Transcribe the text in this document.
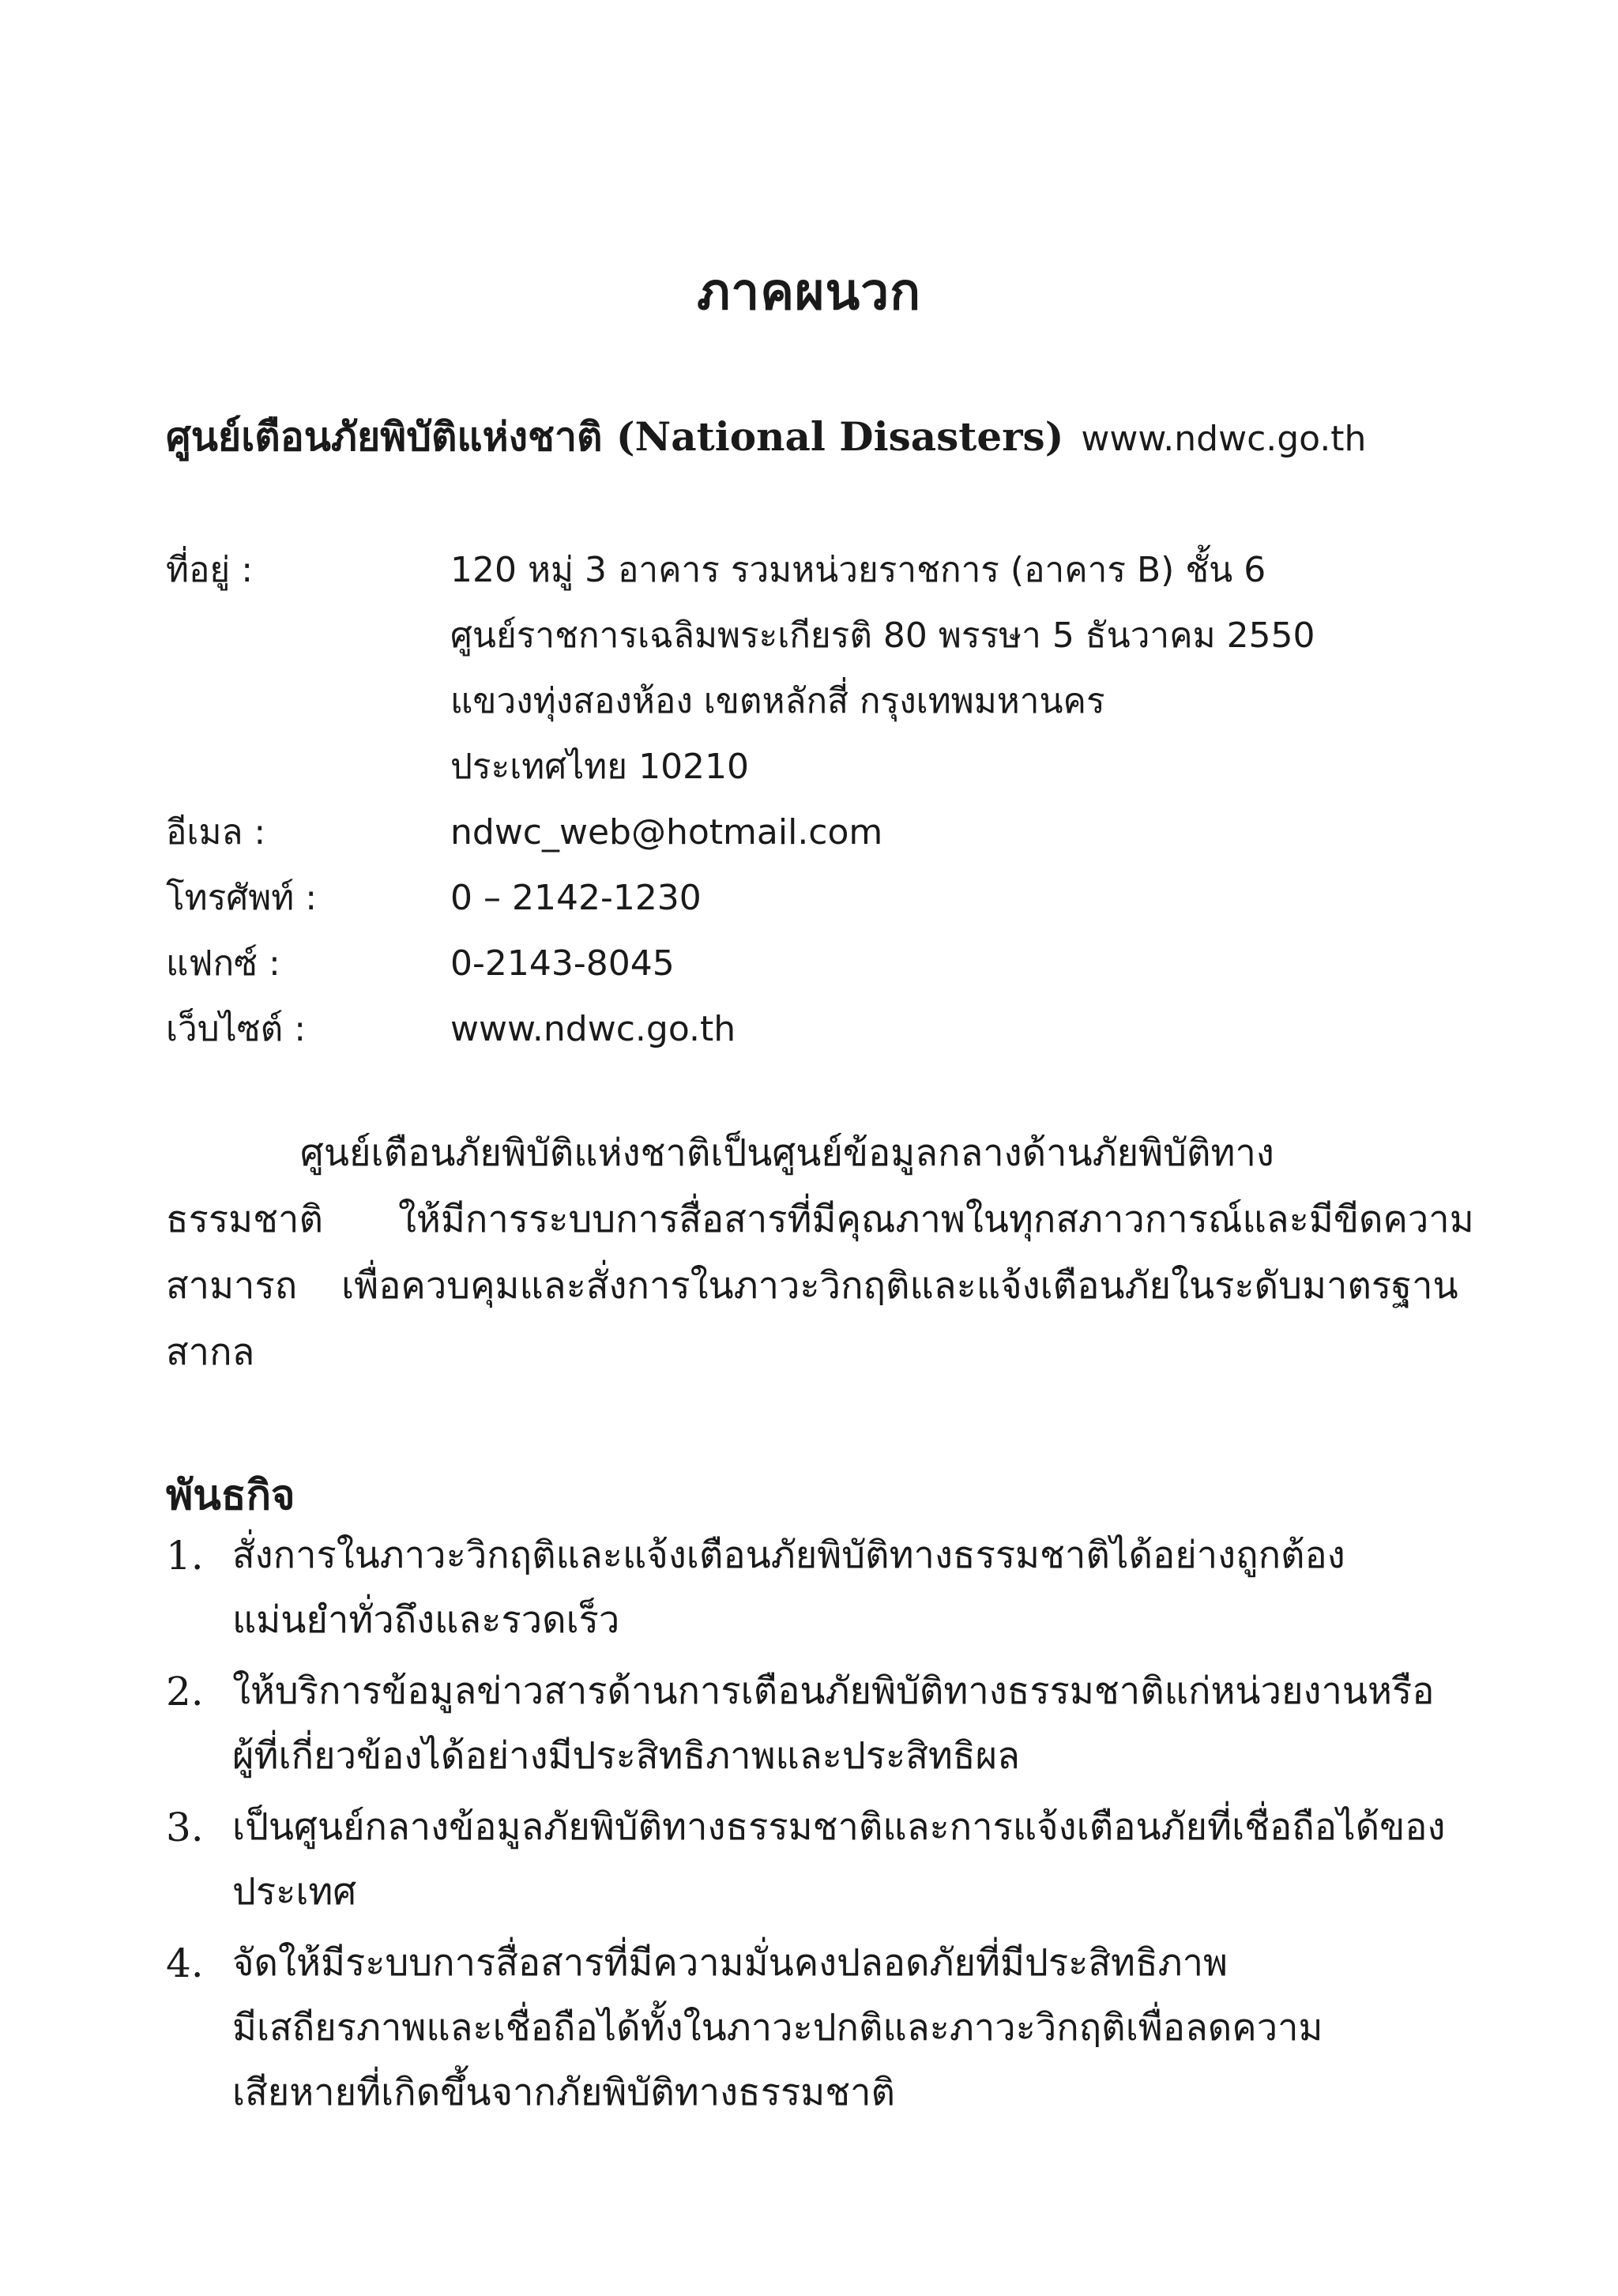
ภาคผนวก
ศูนย์เตือนภัยพิบัติแห่งชาติ (National Disasters) www.ndwc.go.th
ที่อยู่ :	120 หมู่ 3 อาคาร รวมหน่วยราชการ (อาคาร B) ชั้น 6
ศูนย์ราชการเฉลิมพระเกียรติ 80 พรรษา 5 ธันวาคม 2550
แขวงทุ่งสองห้อง เขตหลักสี่ กรุงเทพมหานคร
ประเทศไทย 10210
อีเมล :	ndwc_web@hotmail.com
โทรศัพท์ :	0 – 2142-1230
แฟกซ์ :	0-2143-8045
เว็บไซต์ :	www.ndwc.go.th
ศูนย์เตือนภัยพิบัติแห่งชาติเป็นศูนย์ข้อมูลกลางด้านภัยพิบัติทาง
ธรรมชาติ ให้มีการระบบการสื่อสารที่มีคุณภาพในทุกสภาวการณ์และมีขีดความ
สามารถ เพื่อควบคุมและสั่งการในภาวะวิกฤติและแจ้งเตือนภัยในระดับมาตรฐาน
สากล
พันธกิจ
1. สั่งการในภาวะวิกฤติและแจ้งเตือนภัยพิบัติทางธรรมชาติได้อย่างถูกต้อง
แม่นยำทั่วถึงและรวดเร็ว
2. ให้บริการข้อมูลข่าวสารด้านการเตือนภัยพิบัติทางธรรมชาติแก่หน่วยงานหรือ
ผู้ที่เกี่ยวข้องได้อย่างมีประสิทธิภาพและประสิทธิผล
3. เป็นศูนย์กลางข้อมูลภัยพิบัติทางธรรมชาติและการแจ้งเตือนภัยที่เชื่อถือได้ของ
ประเทศ
4. จัดให้มีระบบการสื่อสารที่มีความมั่นคงปลอดภัยที่มีประสิทธิภาพ
มีเสถียรภาพและเชื่อถือได้ทั้งในภาวะปกติและภาวะวิกฤติเพื่อลดความ
เสียหายที่เกิดขึ้นจากภัยพิบัติทางธรรมชาติ
